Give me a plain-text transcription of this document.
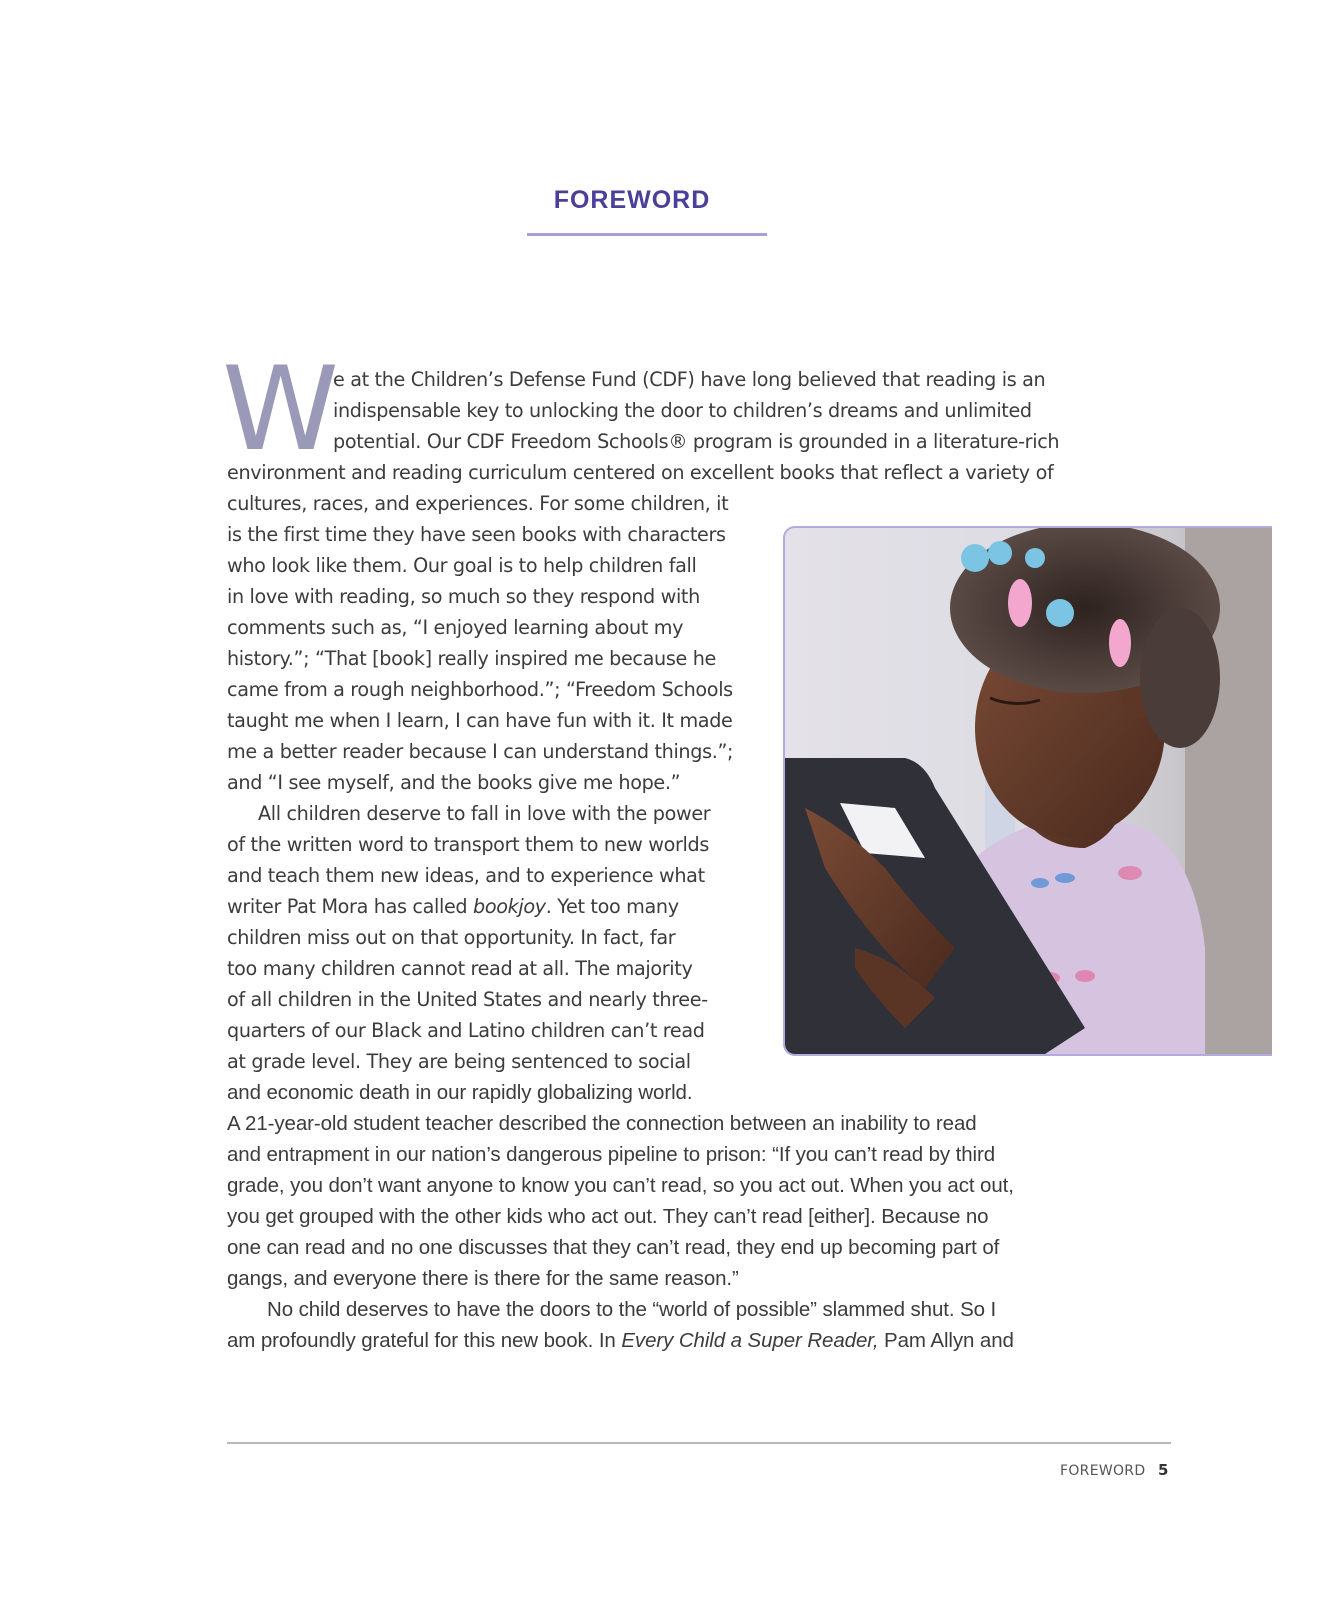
FOREWORD
W
e at the Children’s Defense Fund (CDF) have long believed that reading is an
indispensable key to unlocking the door to children’s dreams and unlimited
potential. Our CDF Freedom Schools® program is grounded in a literature-rich
environment and reading curriculum centered on excellent books that reflect a variety of
cultures, races, and experiences. For some children, it
is the first time they have seen books with characters
who look like them. Our goal is to help children fall
in love with reading, so much so they respond with
comments such as, “I enjoyed learning about my
history.”; “That [book] really inspired me because he
came from a rough neighborhood.”; “Freedom Schools
taught me when I learn, I can have fun with it. It made
me a better reader because I can understand things.”;
and “I see myself, and the books give me hope.”
All children deserve to fall in love with the power
of the written word to transport them to new worlds
and teach them new ideas, and to experience what
writer Pat Mora has called bookjoy. Yet too many
children miss out on that opportunity. In fact, far
too many children cannot read at all. The majority
of all children in the United States and nearly three-
quarters of our Black and Latino children can’t read
at grade level. They are being sentenced to social
and economic death in our rapidly globalizing world.
A 21-year-old student teacher described the connection between an inability to read
and entrapment in our nation’s dangerous pipeline to prison: “If you can’t read by third
grade, you don’t want anyone to know you can’t read, so you act out. When you act out,
you get grouped with the other kids who act out. They can’t read [either]. Because no
one can read and no one discusses that they can’t read, they end up becoming part of
gangs, and everyone there is there for the same reason.”
No child deserves to have the doors to the “world of possible” slammed shut. So I
am profoundly grateful for this new book. In Every Child a Super Reader, Pam Allyn and
FOREWORD 5
